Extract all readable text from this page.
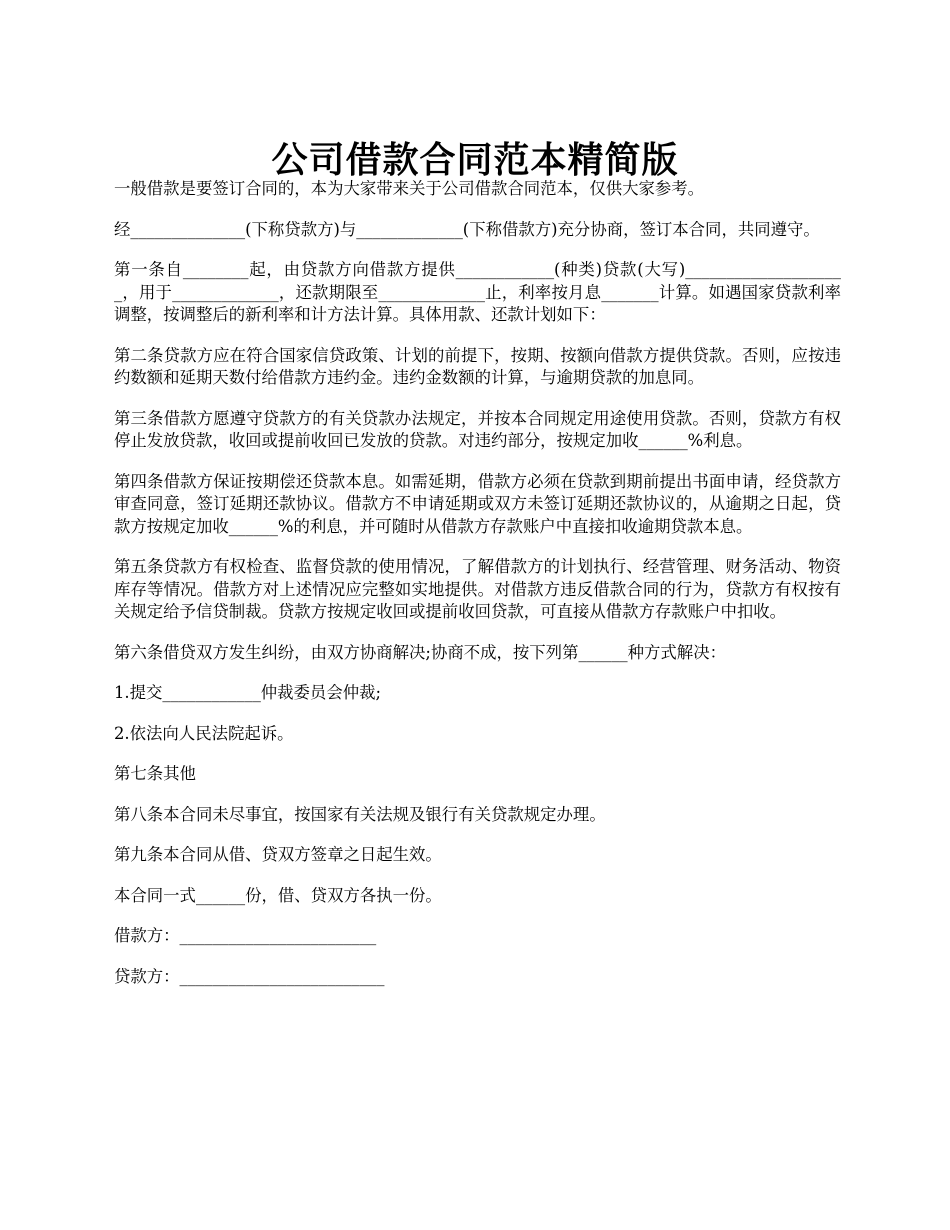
公司借款合同范本精简版

一般借款是要签订合同的，本为大家带来关于公司借款合同范本，仅供大家参考。

经______________(下称贷款方)与_____________(下称借款方)充分协商，签订本合同，共同遵守。

第一条自________起，由贷款方向借款方提供____________(种类)贷款(大写)____________________，用于_____________，还款期限至_____________止，利率按月息_______计算。如遇国家贷款利率调整，按调整后的新利率和计方法计算。具体用款、还款计划如下：

第二条贷款方应在符合国家信贷政策、计划的前提下，按期、按额向借款方提供贷款。否则，应按违约数额和延期天数付给借款方违约金。违约金数额的计算，与逾期贷款的加息同。

第三条借款方愿遵守贷款方的有关贷款办法规定，并按本合同规定用途使用贷款。否则，贷款方有权停止发放贷款，收回或提前收回已发放的贷款。对违约部分，按规定加收______%利息。

第四条借款方保证按期偿还贷款本息。如需延期，借款方必须在贷款到期前提出书面申请，经贷款方审查同意，签订延期还款协议。借款方不申请延期或双方未签订延期还款协议的，从逾期之日起，贷款方按规定加收______%的利息，并可随时从借款方存款账户中直接扣收逾期贷款本息。

第五条贷款方有权检查、监督贷款的使用情况，了解借款方的计划执行、经营管理、财务活动、物资库存等情况。借款方对上述情况应完整如实地提供。对借款方违反借款合同的行为，贷款方有权按有关规定给予信贷制裁。贷款方按规定收回或提前收回贷款，可直接从借款方存款账户中扣收。

第六条借贷双方发生纠纷，由双方协商解决;协商不成，按下列第______种方式解决：

1.提交____________仲裁委员会仲裁;

2.依法向人民法院起诉。

第七条其他

第八条本合同未尽事宜，按国家有关法规及银行有关贷款规定办理。

第九条本合同从借、贷双方签章之日起生效。

本合同一式______份，借、贷双方各执一份。

借款方：________________________

贷款方：_________________________
